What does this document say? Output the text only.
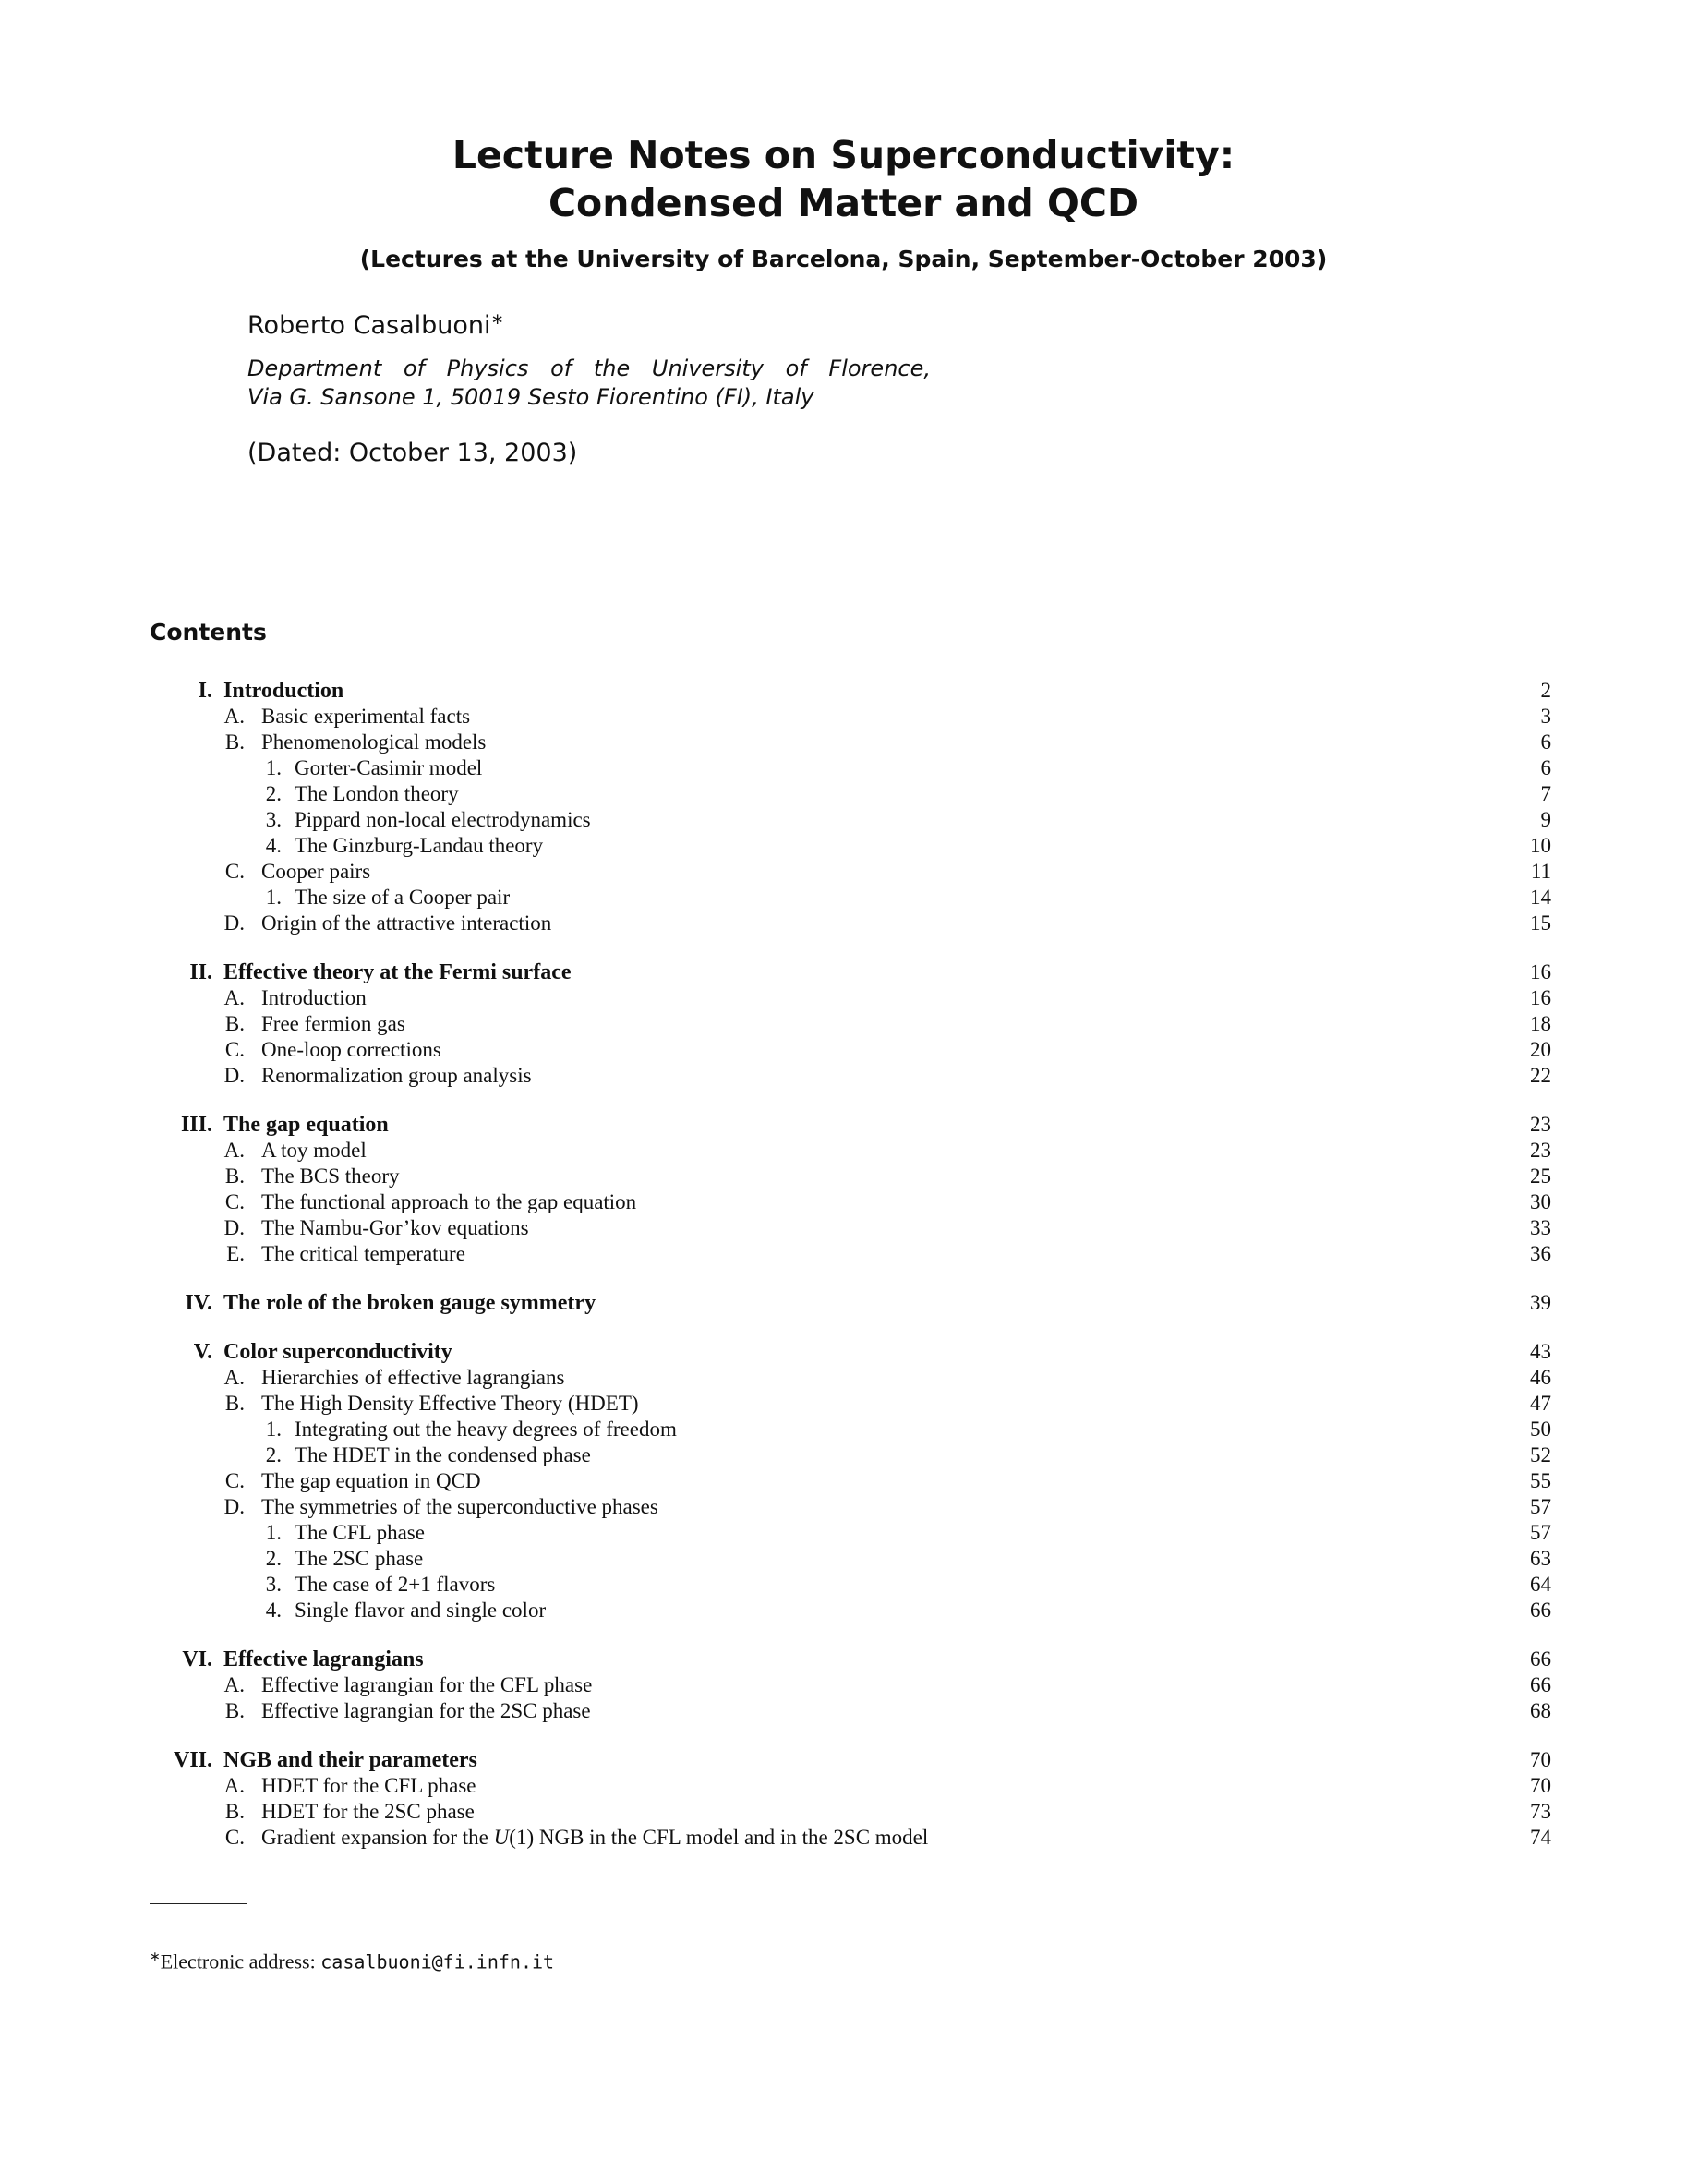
Lecture Notes on Superconductivity:
Condensed Matter and QCD
(Lectures at the University of Barcelona, Spain, September-October 2003)
Roberto Casalbuoni∗
Department of Physics of the University of Florence,
Via G. Sansone 1, 50019 Sesto Fiorentino (FI), Italy
(Dated: October 13, 2003)
Contents
I. Introduction	2
A. Basic experimental facts	3
B. Phenomenological models	6
1. Gorter-Casimir model	6
2. The London theory	7
3. Pippard non-local electrodynamics	9
4. The Ginzburg-Landau theory	10
C. Cooper pairs	11
1. The size of a Cooper pair	14
D. Origin of the attractive interaction	15
II. Effective theory at the Fermi surface	16
A. Introduction	16
B. Free fermion gas	18
C. One-loop corrections	20
D. Renormalization group analysis	22
III. The gap equation	23
A. A toy model	23
B. The BCS theory	25
C. The functional approach to the gap equation	30
D. The Nambu-Gor’kov equations	33
E. The critical temperature	36
IV. The role of the broken gauge symmetry	39
V. Color superconductivity	43
A. Hierarchies of effective lagrangians	46
B. The High Density Effective Theory (HDET)	47
1. Integrating out the heavy degrees of freedom	50
2. The HDET in the condensed phase	52
C. The gap equation in QCD	55
D. The symmetries of the superconductive phases	57
1. The CFL phase	57
2. The 2SC phase	63
3. The case of 2+1 flavors	64
4. Single flavor and single color	66
VI. Effective lagrangians	66
A. Effective lagrangian for the CFL phase	66
B. Effective lagrangian for the 2SC phase	68
VII. NGB and their parameters	70
A. HDET for the CFL phase	70
B. HDET for the 2SC phase	73
C. Gradient expansion for the U(1) NGB in the CFL model and in the 2SC model	74
∗Electronic address: casalbuoni@fi.infn.it
